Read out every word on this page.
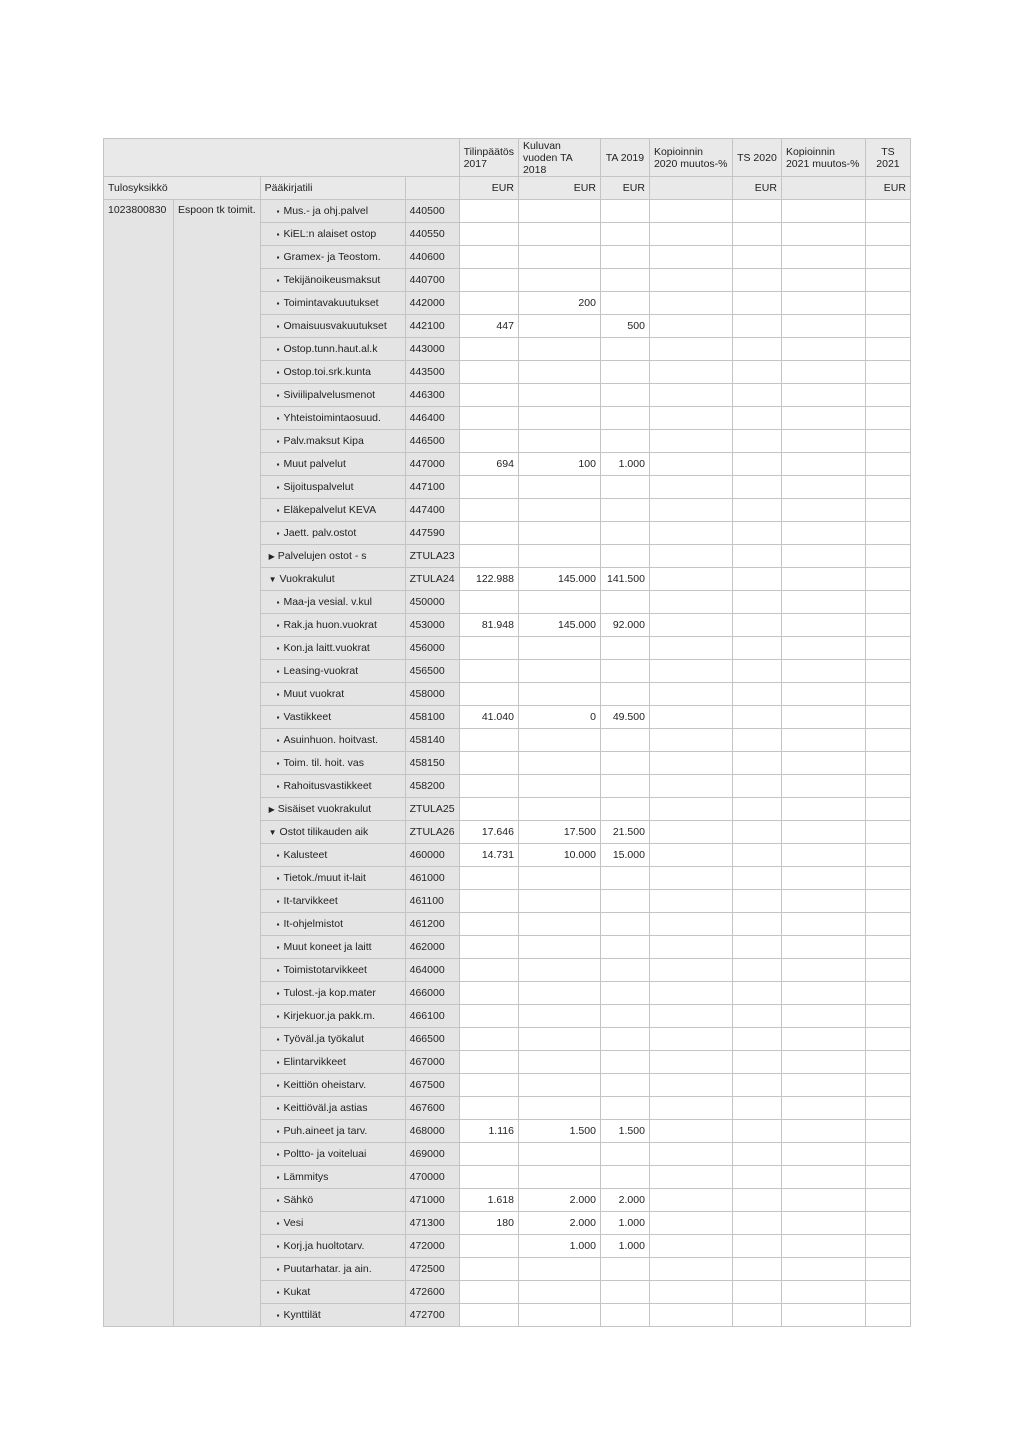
				Tilinpäätös 2017	Kuluvan vuoden TA 2018	TA 2019	Kopioinnin 2020 muutos-%	TS 2020	Kopioinnin 2021 muutos-%	TS 2021
Tulosyksikkö		Pääkirjatili		EUR	EUR	EUR		EUR		EUR
1023800830	Espoon tk toimit.	▪ Mus.- ja ohj.palvel	440500							
		▪ KiEL:n alaiset ostop	440550							
		▪ Gramex- ja Teostom.	440600							
		▪ Tekijänoikeusmaksut	440700							
		▪ Toimintavakuutukset	442000		200					
		▪ Omaisuusvakuutukset	442100	447		500				
		▪ Ostop.tunn.haut.al.k	443000							
		▪ Ostop.toi.srk.kunta	443500							
		▪ Siviilipalvelusmenot	446300							
		▪ Yhteistoimintaosuud.	446400							
		▪ Palv.maksut Kipa	446500							
		▪ Muut palvelut	447000	694	100	1.000				
		▪ Sijoituspalvelut	447100							
		▪ Eläkepalvelut KEVA	447400							
		▪ Jaett. palv.ostot	447590							
		▶ Palvelujen ostot - s	ZTULA23							
		▼ Vuokrakulut	ZTULA24	122.988	145.000	141.500				
		▪ Maa-ja vesial. v.kul	450000							
		▪ Rak.ja huon.vuokrat	453000	81.948	145.000	92.000				
		▪ Kon.ja laitt.vuokrat	456000							
		▪ Leasing-vuokrat	456500							
		▪ Muut vuokrat	458000							
		▪ Vastikkeet	458100	41.040	0	49.500				
		▪ Asuinhuon. hoitvast.	458140							
		▪ Toim. til. hoit. vas	458150							
		▪ Rahoitusvastikkeet	458200							
		▶ Sisäiset vuokrakulut	ZTULA25							
		▼ Ostot tilikauden aik	ZTULA26	17.646	17.500	21.500				
		▪ Kalusteet	460000	14.731	10.000	15.000				
		▪ Tietok./muut it-lait	461000							
		▪ It-tarvikkeet	461100							
		▪ It-ohjelmistot	461200							
		▪ Muut koneet ja laitt	462000							
		▪ Toimistotarvikkeet	464000							
		▪ Tulost.-ja kop.mater	466000							
		▪ Kirjekuor.ja pakk.m.	466100							
		▪ Työväl.ja työkalut	466500							
		▪ Elintarvikkeet	467000							
		▪ Keittiön oheistarv.	467500							
		▪ Keittiöväl.ja astias	467600							
		▪ Puh.aineet ja tarv.	468000	1.116	1.500	1.500				
		▪ Poltto- ja voiteluai	469000							
		▪ Lämmitys	470000							
		▪ Sähkö	471000	1.618	2.000	2.000				
		▪ Vesi	471300	180	2.000	1.000				
		▪ Korj.ja huoltotarv.	472000		1.000	1.000				
		▪ Puutarhatar. ja ain.	472500							
		▪ Kukat	472600							
		▪ Kynttilät	472700							
